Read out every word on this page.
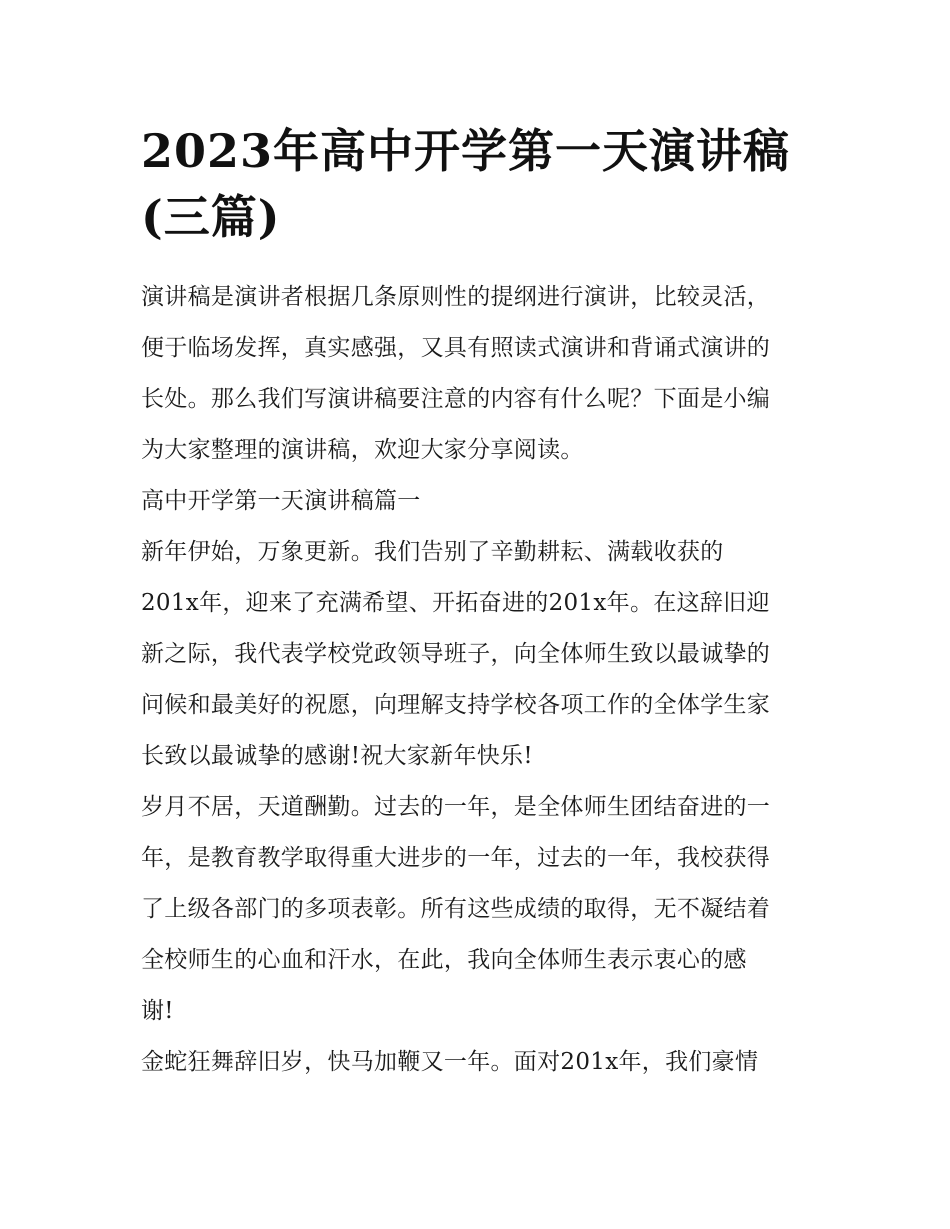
2023年高中开学第一天演讲稿
(三篇)
演讲稿是演讲者根据几条原则性的提纲进行演讲，比较灵活，
便于临场发挥，真实感强，又具有照读式演讲和背诵式演讲的
长处。那么我们写演讲稿要注意的内容有什么呢？下面是小编
为大家整理的演讲稿，欢迎大家分享阅读。
高中开学第一天演讲稿篇一
新年伊始，万象更新。我们告别了辛勤耕耘、满载收获的
201x年，迎来了充满希望、开拓奋进的201x年。在这辞旧迎
新之际，我代表学校党政领导班子，向全体师生致以最诚挚的
问候和最美好的祝愿，向理解支持学校各项工作的全体学生家
长致以最诚挚的感谢!祝大家新年快乐!
岁月不居，天道酬勤。过去的一年，是全体师生团结奋进的一
年，是教育教学取得重大进步的一年，过去的一年，我校获得
了上级各部门的多项表彰。所有这些成绩的取得，无不凝结着
全校师生的心血和汗水，在此，我向全体师生表示衷心的感
谢!
金蛇狂舞辞旧岁，快马加鞭又一年。面对201x年，我们豪情
